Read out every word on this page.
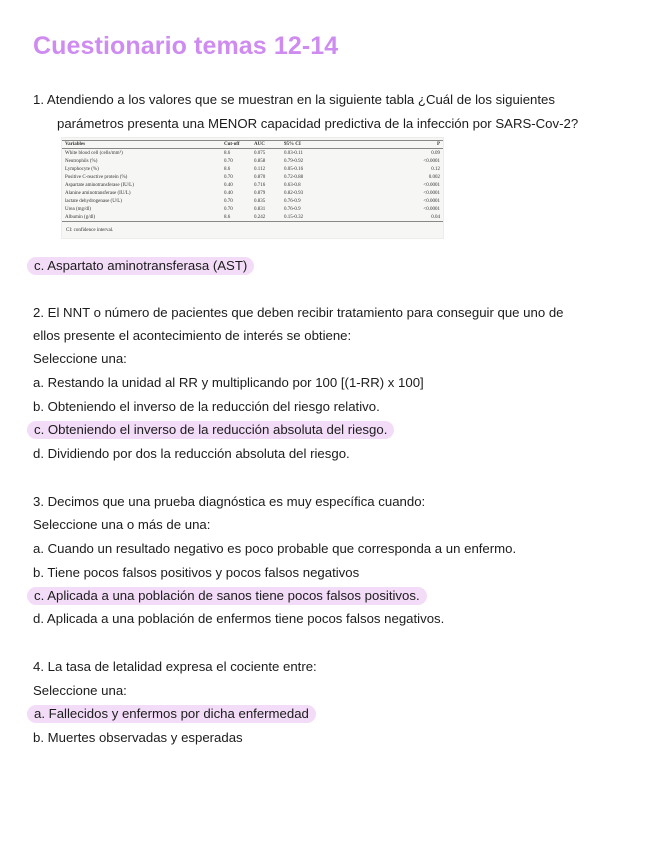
Cuestionario temas 12-14
1. Atendiendo a los valores que se muestran en la siguiente tabla ¿Cuál de los siguientes
parámetros presenta una MENOR capacidad predictiva de la infección por SARS-Cov-2?
Variables	Cut-off	AUC	95% CI	P
White blood cell (cells/mm³)	8.6	0.075	0.03-0.11	0.09
Neutrophils (%)	0.70	0.858	0.79-0.92	<0.0001
Lymphocyte (%)	8.6	0.112	0.05-0.16	0.12
Positive C-reactive protein (%)	0.70	0.870	0.72-0.88	0.002
Aspartate aminotransferase (IU/L)	0.40	0.716	0.63-0.8	<0.0001
Alanine aminotransferase (IU/L)	0.40	0.879	0.82-0.93	<0.0001
lactate dehydrogenase (U/L)	0.70	0.835	0.76-0.9	<0.0001
Urea (mg/dl)	0.70	0.831	0.76-0.9	<0.0001
Albumin (g/dl)	8.6	0.242	0.15-0.32	0.04
CI: confidence interval.
c. Aspartato aminotransferasa (AST)
2. El NNT o número de pacientes que deben recibir tratamiento para conseguir que uno de
ellos presente el acontecimiento de interés se obtiene:
Seleccione una:
a. Restando la unidad al RR y multiplicando por 100 [(1-RR) x 100]
b. Obteniendo el inverso de la reducción del riesgo relativo.
c. Obteniendo el inverso de la reducción absoluta del riesgo.
d. Dividiendo por dos la reducción absoluta del riesgo.
3. Decimos que una prueba diagnóstica es muy específica cuando:
Seleccione una o más de una:
a. Cuando un resultado negativo es poco probable que corresponda a un enfermo.
b. Tiene pocos falsos positivos y pocos falsos negativos
c. Aplicada a una población de sanos tiene pocos falsos positivos.
d. Aplicada a una población de enfermos tiene pocos falsos negativos.
4. La tasa de letalidad expresa el cociente entre:
Seleccione una:
a. Fallecidos y enfermos por dicha enfermedad
b. Muertes observadas y esperadas
